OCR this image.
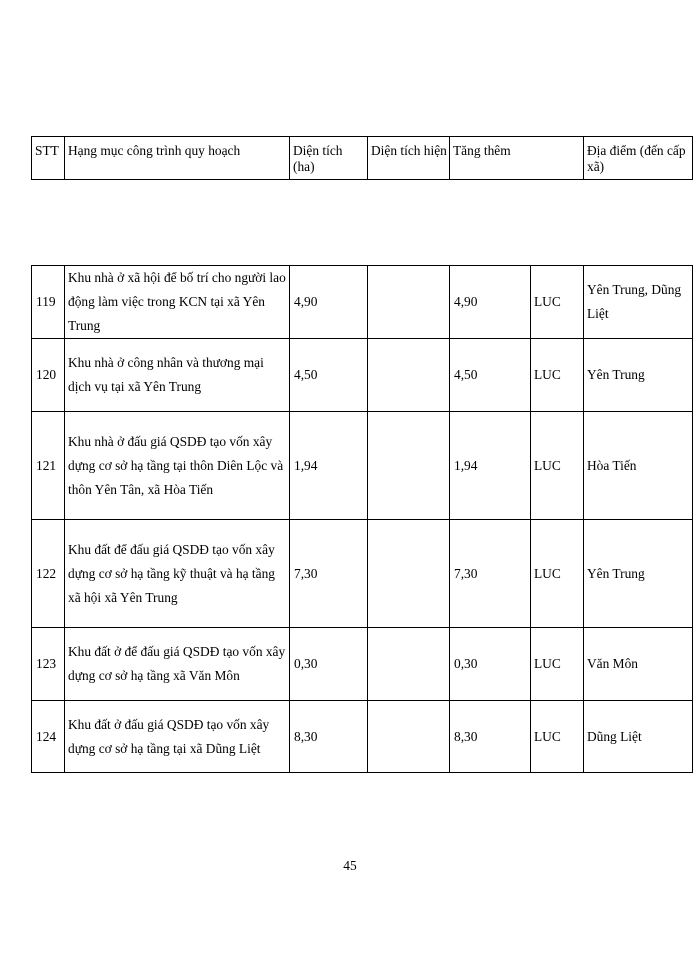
STT	Hạng mục công trình quy hoạch	Diện tích (ha)	Diện tích hiện	Tăng thêm	Địa điểm (đến cấp xã)
119	Khu nhà ở xã hội để bố trí cho người lao động làm việc trong KCN tại xã Yên Trung	4,90		4,90	LUC	Yên Trung, Dũng Liệt
120	Khu nhà ở công nhân và thương mại dịch vụ tại xã Yên Trung	4,50		4,50	LUC	Yên Trung
121	Khu nhà ở đấu giá QSDĐ tạo vốn xây dựng cơ sở hạ tầng tại thôn Diên Lộc và thôn Yên Tân, xã Hòa Tiến	1,94		1,94	LUC	Hòa Tiến
122	Khu đất để đấu giá QSDĐ tạo vốn xây dựng cơ sở hạ tầng kỹ thuật và hạ tầng xã hội xã Yên Trung	7,30		7,30	LUC	Yên Trung
123	Khu đất ở để đấu giá QSDĐ tạo vốn xây dựng cơ sở hạ tầng xã Văn Môn	0,30		0,30	LUC	Văn Môn
124	Khu đất ở đấu giá QSDĐ tạo vốn xây dựng cơ sở hạ tầng tại xã Dũng Liệt	8,30		8,30	LUC	Dũng Liệt
45
